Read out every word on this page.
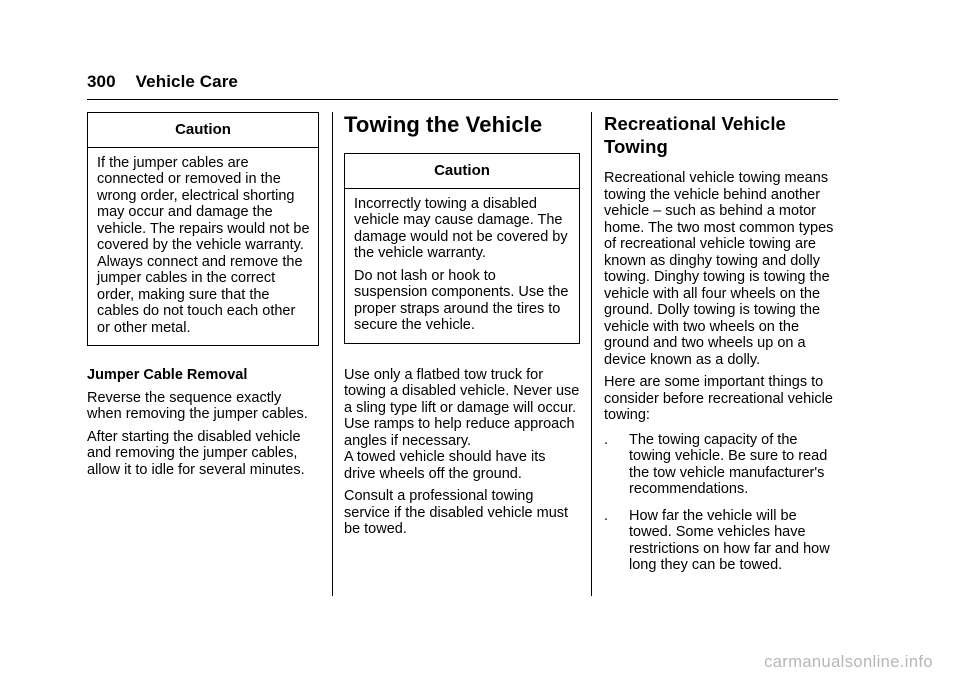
300 Vehicle Care
Caution

If the jumper cables are connected or removed in the wrong order, electrical shorting may occur and damage the vehicle. The repairs would not be covered by the vehicle warranty. Always connect and remove the jumper cables in the correct order, making sure that the cables do not touch each other or other metal.

Jumper Cable Removal

Reverse the sequence exactly when removing the jumper cables.

After starting the disabled vehicle and removing the jumper cables, allow it to idle for several minutes.

Towing the Vehicle
Caution

Incorrectly towing a disabled vehicle may cause damage. The damage would not be covered by the vehicle warranty.

Do not lash or hook to suspension components. Use the proper straps around the tires to secure the vehicle.

Use only a flatbed tow truck for towing a disabled vehicle. Never use a sling type lift or damage will occur. Use ramps to help reduce approach angles if necessary.

A towed vehicle should have its drive wheels off the ground.

Consult a professional towing service if the disabled vehicle must be towed.

Recreational Vehicle Towing

Recreational vehicle towing means towing the vehicle behind another vehicle – such as behind a motor home. The two most common types of recreational vehicle towing are known as dinghy towing and dolly towing. Dinghy towing is towing the vehicle with all four wheels on the ground. Dolly towing is towing the vehicle with two wheels on the ground and two wheels up on a device known as a dolly.

Here are some important things to consider before recreational vehicle towing:

. The towing capacity of the towing vehicle. Be sure to read the tow vehicle manufacturer's recommendations.
. How far the vehicle will be towed. Some vehicles have restrictions on how far and how long they can be towed.
carmanualsonline.info
